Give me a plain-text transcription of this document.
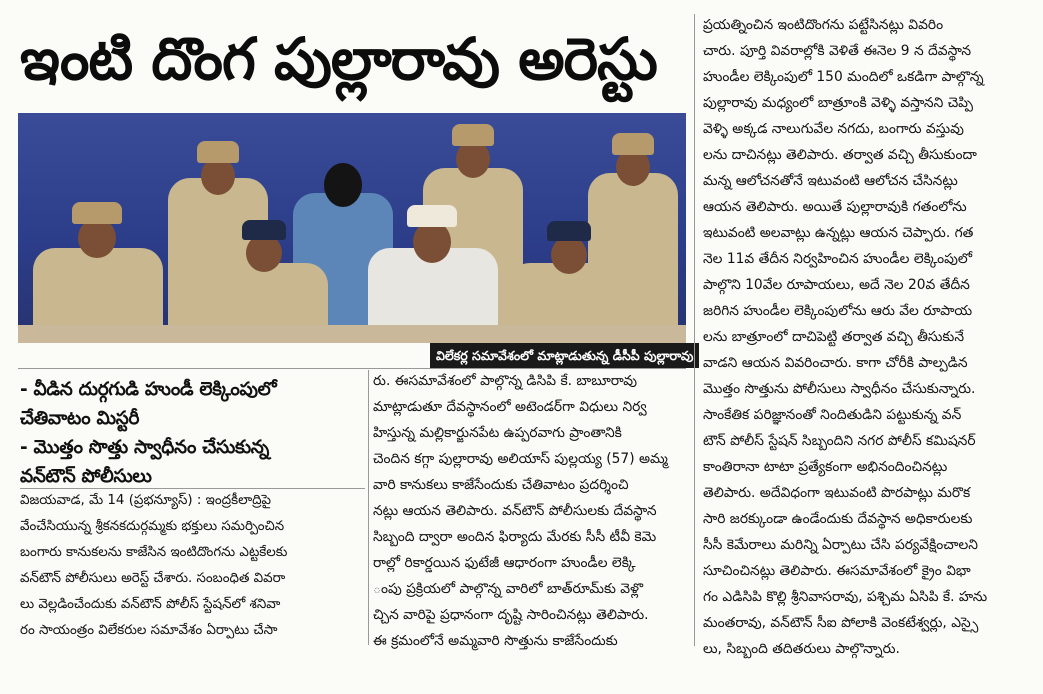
ఇంటి దొంగ పుల్లారావు అరెస్టు
విలేకర్ల సమావేశంలో మాట్లాడుతున్న డీసీపీ పుల్లారావు
- వీడిన దుర్గగుడి హుండీ లెక్కింపులో
చేతివాటం మిస్టరీ
- మొత్తం సొత్తు స్వాధీనం చేసుకున్న
వన్‌టౌన్ పోలీసులు

విజయవాడ, మే 14 (ప్రభన్యూస్) : ఇంద్రకీలాద్రిపై

వేంచేసియున్న శ్రీకనకదుర్గమ్మకు భక్తులు సమర్పించిన

బంగారు కానుకలను కాజేసిన ఇంటిదొంగను ఎట్టకేలకు

వన్‌టౌన్ పోలీసులు అరెస్ట్ చేశారు. సంబంధిత వివరా

లు వెల్లడించేందుకు వన్‌టౌన్ పోలీస్ స్టేషన్‌లో శనివా

రం సాయంత్రం విలేకరుల సమావేశం ఏర్పాటు చేసా

రు. ఈసమావేశంలో పాల్గొన్న డిసిపి కే. బాబూరావు

మాట్లాడుతూ దేవస్థానంలో అటెండర్‌గా విధులు నిర్వ

హిస్తున్న మల్లికార్జునపేట ఉప్పరవాగు ప్రాంతానికి

చెందిన కగ్గా పుల్లారావు అలియాస్ పుల్లయ్య (57) అమ్మ

వారి కానుకలు కాజేసేందుకు చేతివాటం ప్రదర్శించి

నట్లు ఆయన తెలిపారు. వన్‌టౌన్ పోలీసులకు దేవస్థాన

సిబ్బంది ద్వారా అందిన ఫిర్యాదు మేరకు సీసీ టీవీ కెమె

రాల్లో రికార్డయిన ఫుటేజీ ఆధారంగా హుండీల లెక్కి

ంపు ప్రక్రియలో పాల్గొన్న వారిలో బాత్‌రూమ్‌కు వెళ్లొ

చ్చిన వారిపై ప్రధానంగా దృష్టి సారించినట్లు తెలిపారు.

ఈ క్రమంలోనే అమ్మవారి సొత్తును కాజేసేందుకు

ప్రయత్నించిన ఇంటిదొంగను పట్టేసినట్లు వివరిం

చారు. పూర్తి వివరాల్లోకి వెళితే ఈనెల 9 న దేవస్థాన

హుండీల లెక్కింపులో 150 మందిలో ఒకడిగా పాల్గొన్న

పుల్లారావు మధ్యంలో బాత్రూంకి వెళ్ళి వస్తానని చెప్పి

వెళ్ళి అక్కడ నాలుగువేల నగదు, బంగారు వస్తువు

లను దాచినట్లు తెలిపారు. తర్వాత వచ్చి తీసుకుందా

మన్న ఆలోచనతోనే ఇటువంటి ఆలోచన చేసినట్లు

ఆయన తెలిపారు. అయితే పుల్లారావుకి గతంలోను

ఇటువంటి అలవాట్లు ఉన్నట్లు ఆయన చెప్పారు. గత

నెల 11వ తేదీన నిర్వహించిన హుండీల లెక్కింపులో

పాల్గొని 10వేల రూపాయలు, అదే నెల 20వ తేదీన

జరిగిన హుండీల లెక్కింపులోను ఆరు వేల రూపాయ

లను బాత్రూంలో దాచిపెట్టి తర్వాత వచ్చి తీసుకునే

వాడని ఆయన వివరించారు. కాగా చోరీకి పాల్పడిన

మొత్తం సొత్తును పోలీసులు స్వాధీనం చేసుకున్నారు.

సాంకేతిక పరిజ్ఞానంతో నిందితుడిని పట్టుకున్న వన్

టౌన్ పోలీస్ స్టేషన్ సిబ్బందిని నగర పోలీస్ కమిషనర్

కాంతిరానా టాటా ప్రత్యేకంగా అభినందించినట్లు

తెలిపారు. అదేవిధంగా ఇటువంటి పొరపాట్లు మరొక

సారి జరక్కుండా ఉండేందుకు దేవస్థాన అధికారులకు

సీసీ కెమేరాలు మరిన్ని ఏర్పాటు చేసి పర్యవేక్షించాలని

సూచించినట్లు తెలిపారు. ఈసమావేశంలో క్రైం విభా

గం ఎడిసిపి కొల్లి శ్రీనివాసరావు, పశ్చిమ ఏసిపి కే. హను

మంతరావు, వన్‌టౌన్ సీఐ పోలాకి వెంకటేశ్వర్లు, ఎస్సై

లు, సిబ్బంది తదితరులు పాల్గొన్నారు.
